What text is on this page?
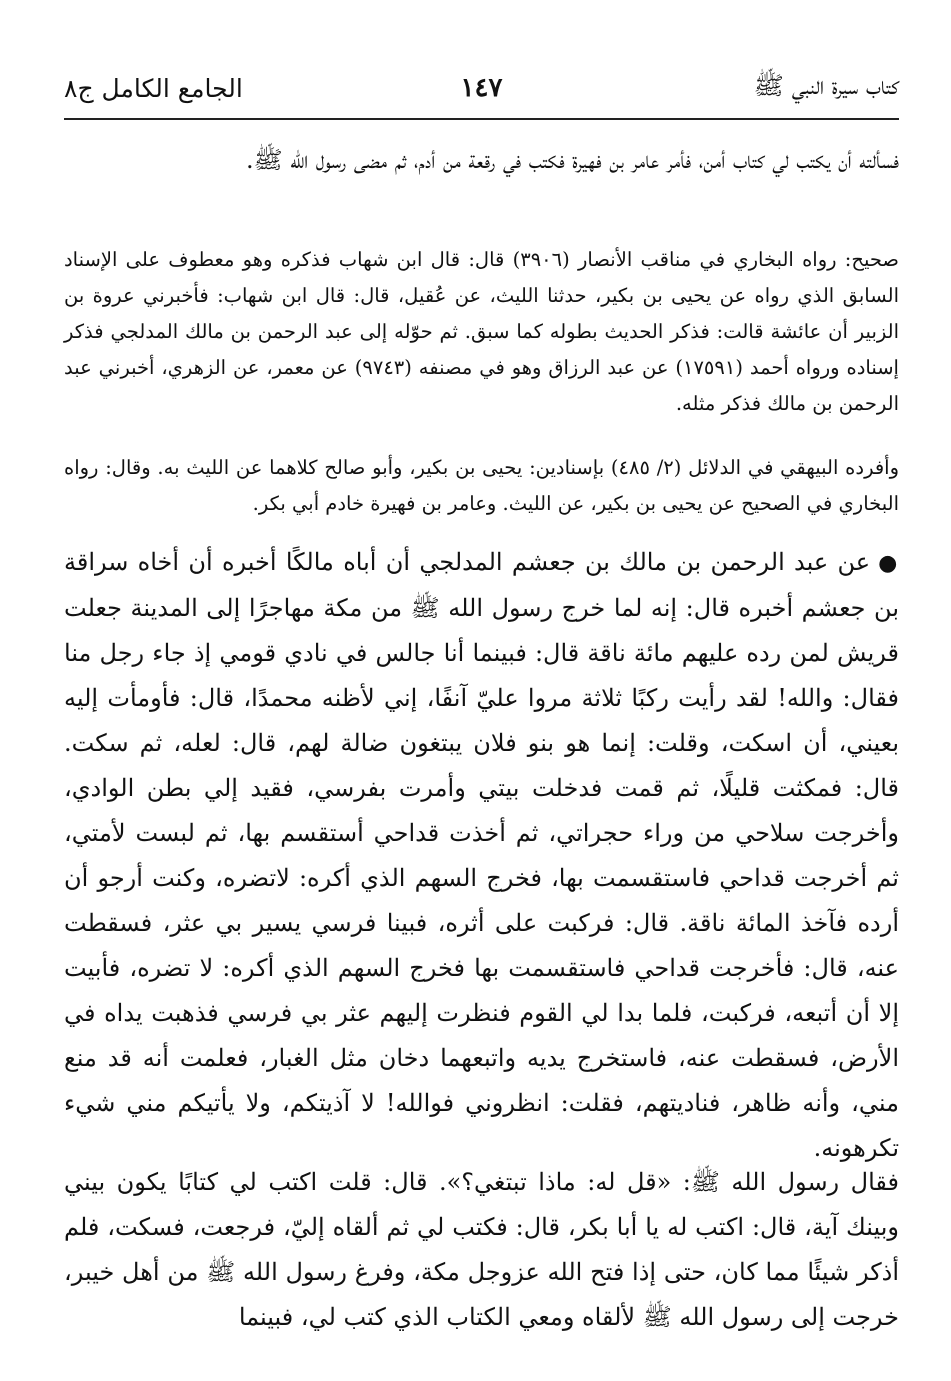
كتاب سيرة النبي ﷺ
١٤٧
الجامع الكامل ج٨

فسألته أن يكتب لي كتاب أمن، فأمر عامر بن فهيرة فكتب في رقعة من أدم، ثم مضى رسول الله ﷺ.

صحيح: رواه البخاري في مناقب الأنصار (٣٩٠٦) قال: قال ابن شهاب فذكره وهو معطوف على الإسناد السابق الذي رواه عن يحيى بن بكير، حدثنا الليث، عن عُقيل، قال: قال ابن شهاب: فأخبرني عروة بن الزبير أن عائشة قالت: فذكر الحديث بطوله كما سبق. ثم حوّله إلى عبد الرحمن بن مالك المدلجي فذكر إسناده ورواه أحمد (١٧٥٩١) عن عبد الرزاق وهو في مصنفه (٩٧٤٣) عن معمر، عن الزهري، أخبرني عبد الرحمن بن مالك فذكر مثله.

وأفرده البيهقي في الدلائل (٢/ ٤٨٥) بإسنادين: يحيى بن بكير، وأبو صالح كلاهما عن الليث به. وقال: رواه البخاري في الصحيح عن يحيى بن بكير، عن الليث. وعامر بن فهيرة خادم أبي بكر.

●عن عبد الرحمن بن مالك بن جعشم المدلجي أن أباه مالكًا أخبره أن أخاه سراقة بن جعشم أخبره قال: إنه لما خرج رسول الله ﷺ من مكة مهاجرًا إلى المدينة جعلت قريش لمن رده عليهم مائة ناقة قال: فبينما أنا جالس في نادي قومي إذ جاء رجل منا فقال: والله! لقد رأيت ركبًا ثلاثة مروا عليّ آنفًا، إني لأظنه محمدًا، قال: فأومأت إليه بعيني، أن اسكت، وقلت: إنما هو بنو فلان يبتغون ضالة لهم، قال: لعله، ثم سكت. قال: فمكثت قليلًا، ثم قمت فدخلت بيتي وأمرت بفرسي، فقيد إلي بطن الوادي، وأخرجت سلاحي من وراء حجراتي، ثم أخذت قداحي أستقسم بها، ثم لبست لأمتي، ثم أخرجت قداحي فاستقسمت بها، فخرج السهم الذي أكره: لاتضره، وكنت أرجو أن أرده فآخذ المائة ناقة. قال: فركبت على أثره، فبينا فرسي يسير بي عثر، فسقطت عنه، قال: فأخرجت قداحي فاستقسمت بها فخرج السهم الذي أكره: لا تضره، فأبيت إلا أن أتبعه، فركبت، فلما بدا لي القوم فنظرت إليهم عثر بي فرسي فذهبت يداه في الأرض، فسقطت عنه، فاستخرج يديه واتبعهما دخان مثل الغبار، فعلمت أنه قد منع مني، وأنه ظاهر، فناديتهم، فقلت: انظروني فوالله! لا آذيتكم، ولا يأتيكم مني شيء تكرهونه.

فقال رسول الله ﷺ: «قل له: ماذا تبتغي؟». قال: قلت اكتب لي كتابًا يكون بيني وبينك آية، قال: اكتب له يا أبا بكر، قال: فكتب لي ثم ألقاه إليّ، فرجعت، فسكت، فلم أذكر شيئًا مما كان، حتى إذا فتح الله عزوجل مكة، وفرغ رسول الله ﷺ من أهل خيبر، خرجت إلى رسول الله ﷺ لألقاه ومعي الكتاب الذي كتب لي، فبينما
